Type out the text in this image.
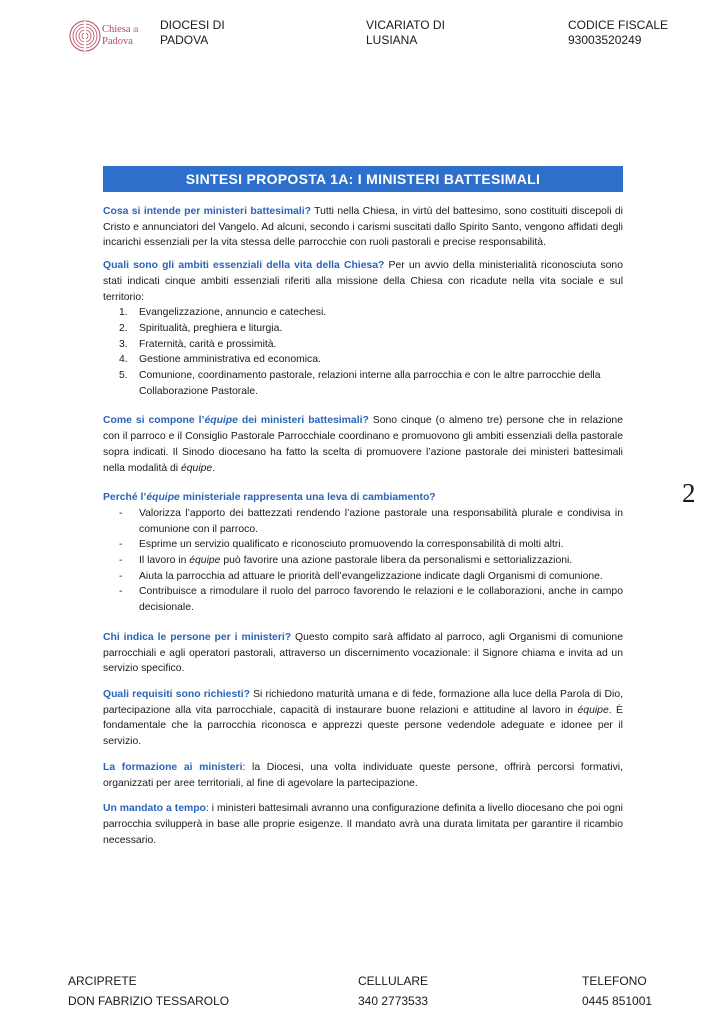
Chiesa di
Padova
DIOCESI DI
PADOVA
VICARIATO DI
LUSIANA
CODICE FISCALE
93003520249
SINTESI PROPOSTA 1A: I MINISTERI BATTESIMALI

Cosa si intende per ministeri battesimali? Tutti nella Chiesa, in virtù del battesimo, sono costituiti discepoli di Cristo e annunciatori del Vangelo. Ad alcuni, secondo i carismi suscitati dallo Spirito Santo, vengono affidati degli incarichi essenziali per la vita stessa delle parrocchie con ruoli pastorali e precise responsabilità.

Quali sono gli ambiti essenziali della vita della Chiesa? Per un avvio della ministerialità riconosciuta sono stati indicati cinque ambiti essenziali riferiti alla missione della Chiesa con ricadute nella vita sociale e sul territorio:

1. Evangelizzazione, annuncio e catechesi.
2. Spiritualità, preghiera e liturgia.
3. Fraternità, carità e prossimità.
4. Gestione amministrativa ed economica.
5. Comunione, coordinamento pastorale, relazioni interne alla parrocchia e con le altre parrocchie della Collaborazione Pastorale.

Come si compone l’équipe dei ministeri battesimali? Sono cinque (o almeno tre) persone che in relazione con il parroco e il Consiglio Pastorale Parrocchiale coordinano e promuovono gli ambiti essenziali della pastorale sopra indicati. Il Sinodo diocesano ha fatto la scelta di promuovere l’azione pastorale dei ministeri battesimali nella modalità di équipe.

Perché l’équipe ministeriale rappresenta una leva di cambiamento?

- Valorizza l’apporto dei battezzati rendendo l’azione pastorale una responsabilità plurale e condivisa in comunione con il parroco.
- Esprime un servizio qualificato e riconosciuto promuovendo la corresponsabilità di molti altri.
- Il lavoro in équipe può favorire una azione pastorale libera da personalismi e settorializzazioni.
- Aiuta la parrocchia ad attuare le priorità dell’evangelizzazione indicate dagli Organismi di comunione.
- Contribuisce a rimodulare il ruolo del parroco favorendo le relazioni e le collaborazioni, anche in campo decisionale.

Chi indica le persone per i ministeri? Questo compito sarà affidato al parroco, agli Organismi di comunione parrocchiali e agli operatori pastorali, attraverso un discernimento vocazionale: il Signore chiama e invita ad un servizio specifico.

Quali requisiti sono richiesti? Si richiedono maturità umana e di fede, formazione alla luce della Parola di Dio, partecipazione alla vita parrocchiale, capacità di instaurare buone relazioni e attitudine al lavoro in équipe. È fondamentale che la parrocchia riconosca e apprezzi queste persone vedendole adeguate e idonee per il servizio.

La formazione ai ministeri: la Diocesi, una volta individuate queste persone, offrirà percorsi formativi, organizzati per aree territoriali, al fine di agevolare la partecipazione.

Un mandato a tempo: i ministeri battesimali avranno una configurazione definita a livello diocesano che poi ogni parrocchia svilupperà in base alle proprie esigenze. Il mandato avrà una durata limitata per garantire il ricambio necessario.

2
ARCIPRETE
DON FABRIZIO TESSAROLO
CELLULARE
340 2773533
TELEFONO
0445 851001
